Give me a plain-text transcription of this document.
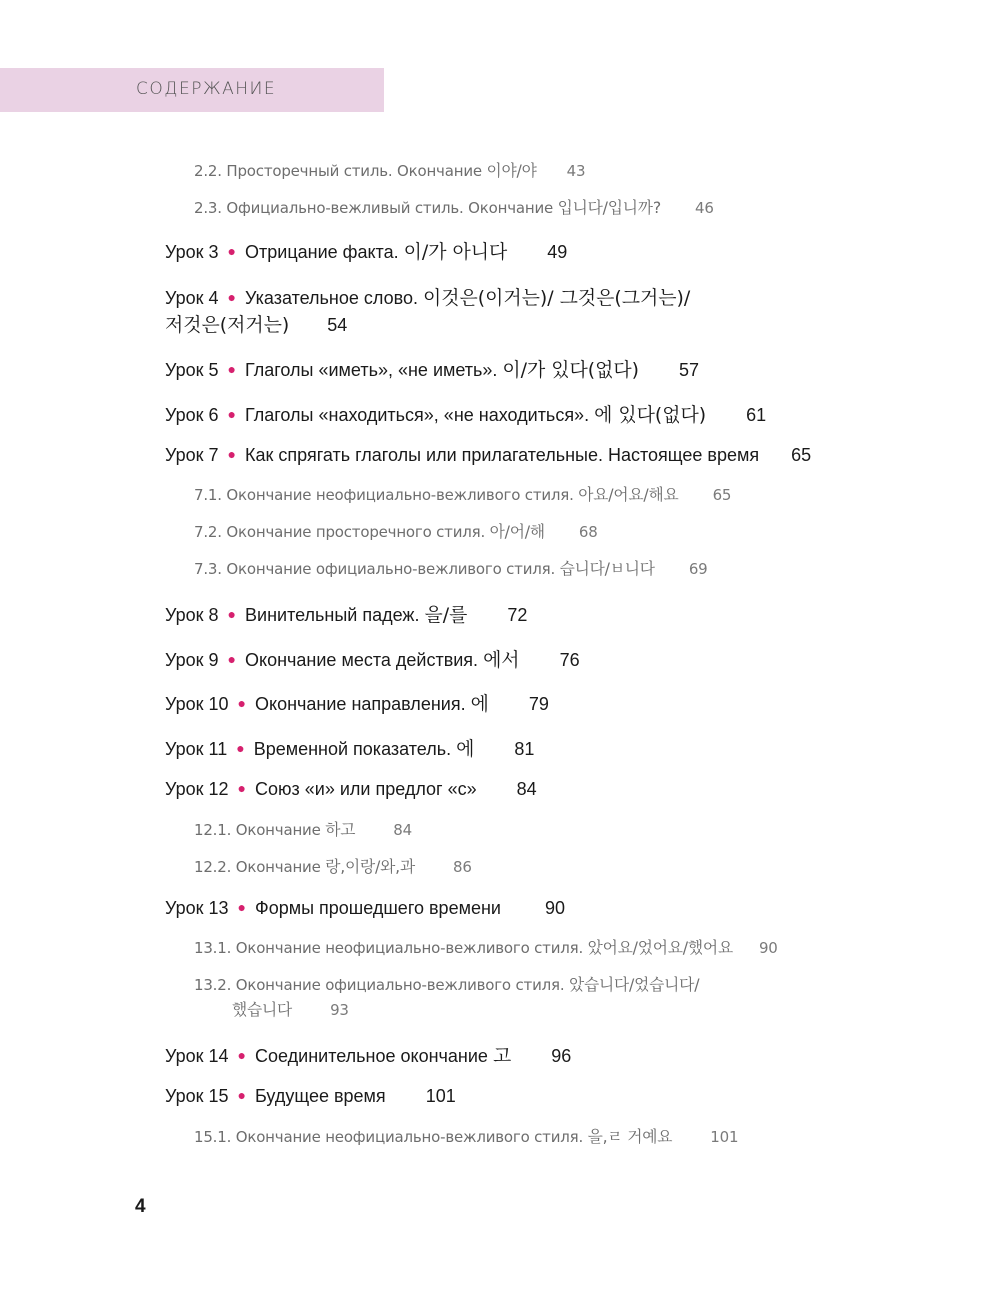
СОДЕРЖАНИЕ
2.2. Просторечный стиль. Окончание 이야/야 43
2.3. Официально-вежливый стиль. Окончание 입니다/입니까? 46
Урок 3 ● Отрицание факта. 이/가 아니다 49
Урок 4 ● Указательное слово. 이것은(이거는)/ 그것은(그거는)/
저것은(저거는) 54
Урок 5 ● Глаголы «иметь», «не иметь». 이/가 있다(없다) 57
Урок 6 ● Глаголы «находиться», «не находиться». 에 있다(없다) 61
Урок 7 ● Как спрягать глаголы или прилагательные. Настоящее время 65
7.1. Окончание неофициально-вежливого стиля. 아요/어요/해요 65
7.2. Окончание просторечного стиля. 아/어/해 68
7.3. Окончание официально-вежливого стиля. 습니다/ㅂ니다 69
Урок 8 ● Винительный падеж. 을/를 72
Урок 9 ● Окончание места действия. 에서 76
Урок 10 ● Окончание направления. 에 79
Урок 11 ● Временной показатель. 에 81
Урок 12 ● Союз «и» или предлог «с» 84
12.1. Окончание 하고	84
12.2. Окончание 랑,이랑/와,과	86
Урок 13 ● Формы прошедшего времени 90
13.1. Окончание неофициально-вежливого стиля. 았어요/었어요/했어요 90
13.2. Окончание официально-вежливого стиля. 았습니다/었습니다/
했습니다	93
Урок 14 ● Соединительное окончание 고 96
Урок 15 ● Будущее время 101
15.1. Окончание неофициально-вежливого стиля. 을,ㄹ 거예요	101
4
